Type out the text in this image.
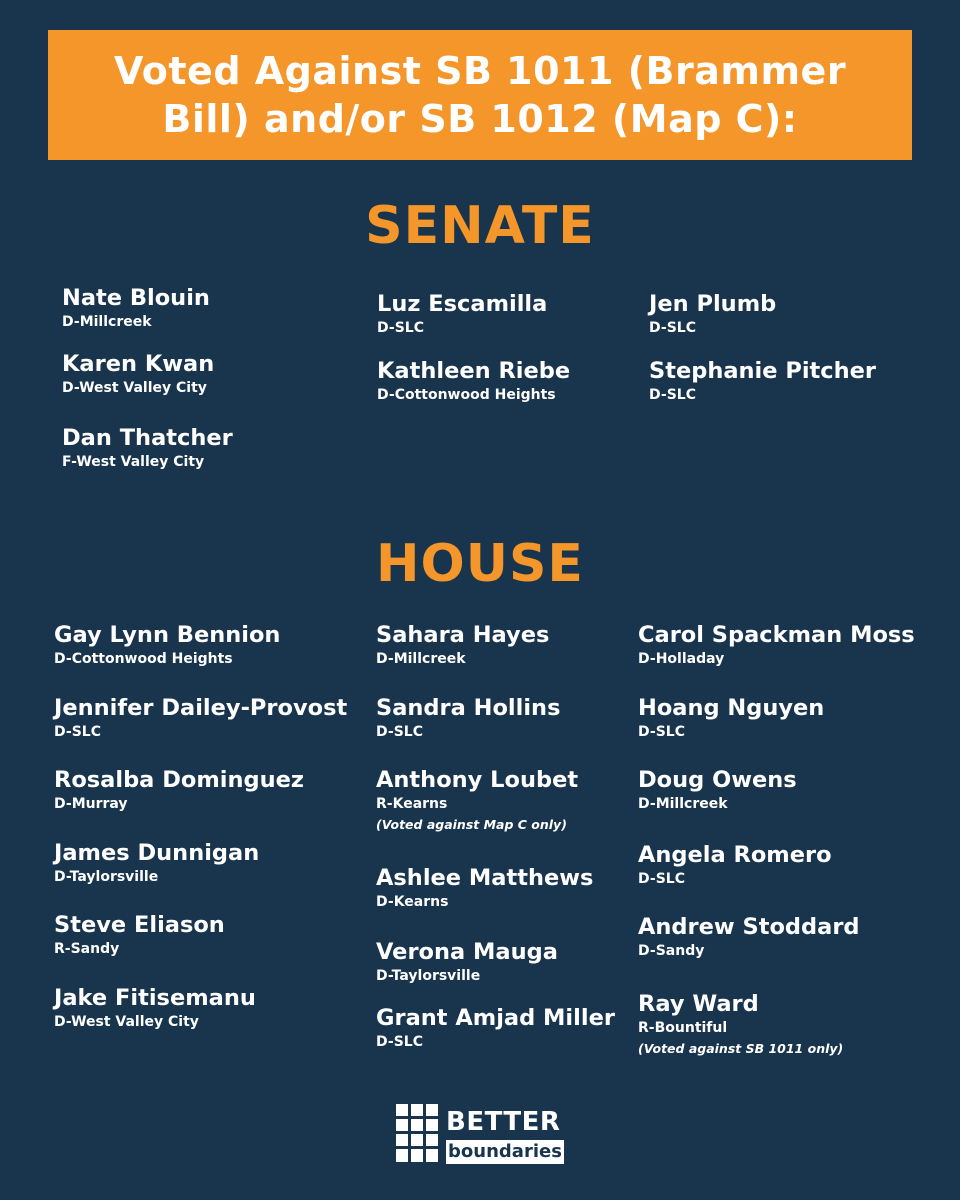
Voted Against SB 1011 (Brammer Bill) and/or SB 1012 (Map C):
SENATE
Nate Blouin
D-Millcreek
Karen Kwan
D-West Valley City
Dan Thatcher
F-West Valley City
Luz Escamilla
D-SLC
Kathleen Riebe
D-Cottonwood Heights
Jen Plumb
D-SLC
Stephanie Pitcher
D-SLC
HOUSE
Gay Lynn Bennion
D-Cottonwood Heights
Jennifer Dailey-Provost
D-SLC
Rosalba Dominguez
D-Murray
James Dunnigan
D-Taylorsville
Steve Eliason
R-Sandy
Jake Fitisemanu
D-West Valley City
Sahara Hayes
D-Millcreek
Sandra Hollins
D-SLC
Anthony Loubet
R-Kearns
(Voted against Map C only)
Ashlee Matthews
D-Kearns
Verona Mauga
D-Taylorsville
Grant Amjad Miller
D-SLC
Carol Spackman Moss
D-Holladay
Hoang Nguyen
D-SLC
Doug Owens
D-Millcreek
Angela Romero
D-SLC
Andrew Stoddard
D-Sandy
Ray Ward
R-Bountiful
(Voted against SB 1011 only)
BETTER
boundaries
